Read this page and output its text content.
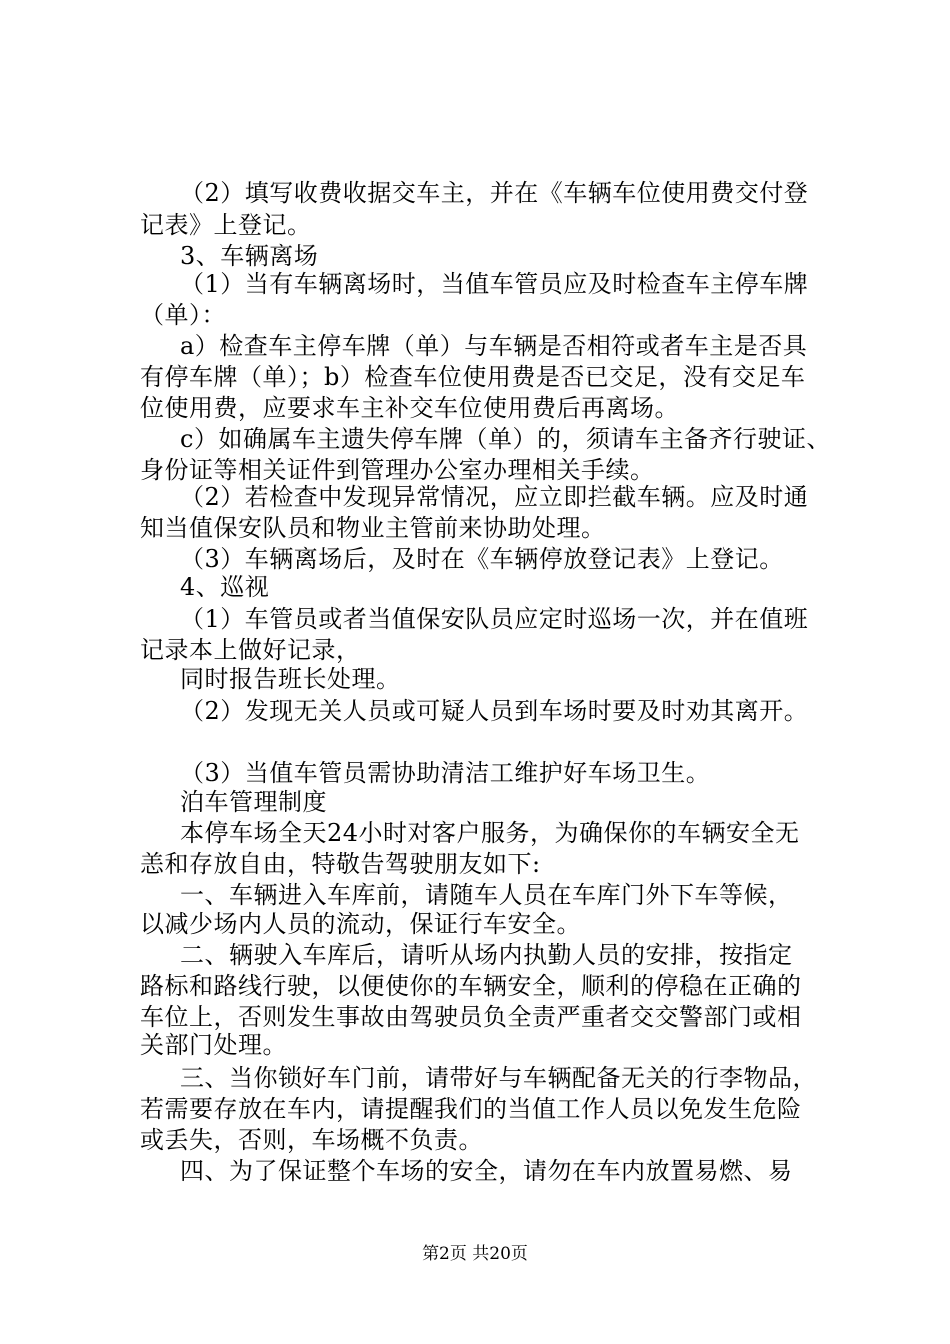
（2）填写收费收据交车主，并在《车辆车位使用费交付登
记表》上登记。
3、车辆离场
（1）当有车辆离场时，当值车管员应及时检查车主停车牌
（单）：
a）检查车主停车牌（单）与车辆是否相符或者车主是否具
有停车牌（单）；b）检查车位使用费是否已交足，没有交足车
位使用费，应要求车主补交车位使用费后再离场。
c）如确属车主遗失停车牌（单）的，须请车主备齐行驶证、
身份证等相关证件到管理办公室办理相关手续。
（2）若检查中发现异常情况，应立即拦截车辆。应及时通
知当值保安队员和物业主管前来协助处理。
（3）车辆离场后，及时在《车辆停放登记表》上登记。
4、巡视
（1）车管员或者当值保安队员应定时巡场一次，并在值班
记录本上做好记录，
同时报告班长处理。
（2）发现无关人员或可疑人员到车场时要及时劝其离开。
（3）当值车管员需协助清洁工维护好车场卫生。
泊车管理制度
本停车场全天24小时对客户服务，为确保你的车辆安全无
恙和存放自由，特敬告驾驶朋友如下:
一、车辆进入车库前，请随车人员在车库门外下车等候，
以减少场内人员的流动，保证行车安全。
二、辆驶入车库后，请听从场内执勤人员的安排，按指定
路标和路线行驶，以便使你的车辆安全，顺利的停稳在正确的
车位上，否则发生事故由驾驶员负全责严重者交交警部门或相
关部门处理。
三、当你锁好车门前，请带好与车辆配备无关的行李物品，
若需要存放在车内，请提醒我们的当值工作人员以免发生危险
或丢失，否则，车场概不负责。
四、为了保证整个车场的安全，请勿在车内放置易燃、易
第2页 共20页
